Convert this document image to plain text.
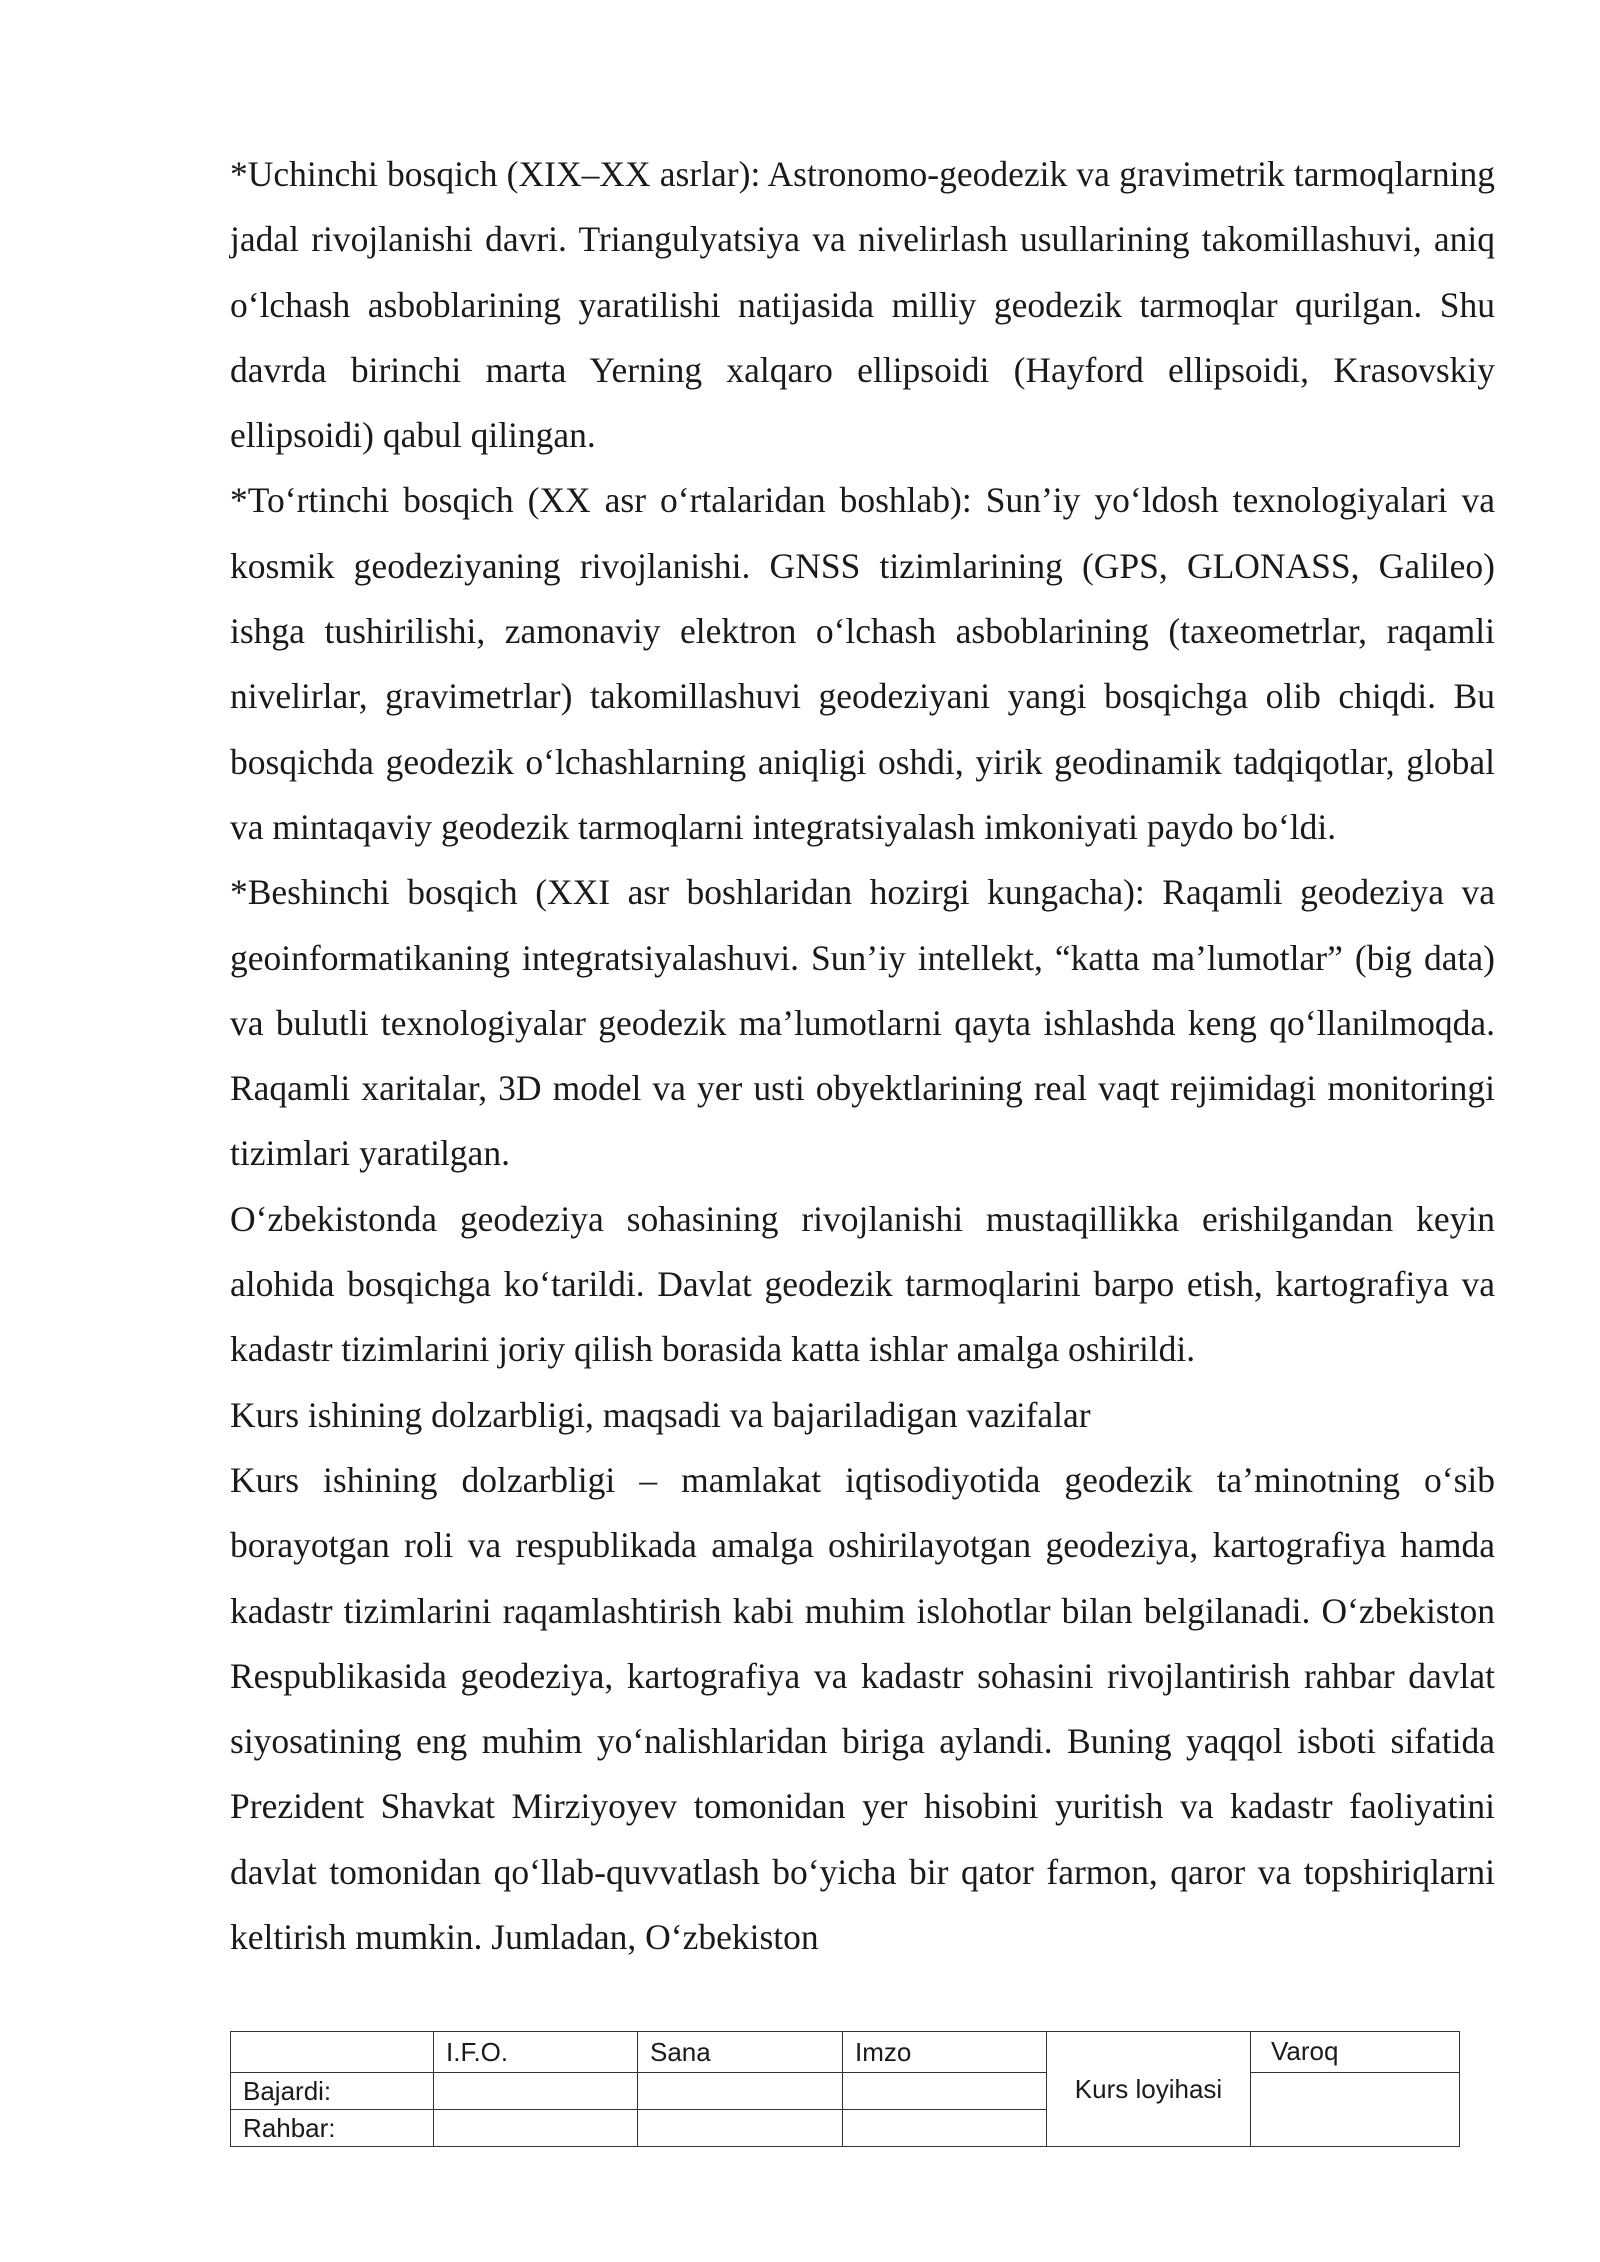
*Uchinchi bosqich (XIX–XX asrlar): Astronomo-geodezik va gravimetrik tarmoqlarning jadal rivojlanishi davri. Triangulyatsiya va nivelirlash usullarining takomillashuvi, aniq o‘lchash asboblarining yaratilishi natijasida milliy geodezik tarmoqlar qurilgan. Shu davrda birinchi marta Yerning xalqaro ellipsoidi (Hayford ellipsoidi, Krasovskiy ellipsoidi) qabul qilingan.

*To‘rtinchi bosqich (XX asr o‘rtalaridan boshlab): Sun’iy yo‘ldosh texnologiyalari va kosmik geodeziyaning rivojlanishi. GNSS tizimlarining (GPS, GLONASS, Galileo) ishga tushirilishi, zamonaviy elektron o‘lchash asboblarining (taxeometrlar, raqamli nivelirlar, gravimetrlar) takomillashuvi geodeziyani yangi bosqichga olib chiqdi. Bu bosqichda geodezik o‘lchashlarning aniqligi oshdi, yirik geodinamik tadqiqotlar, global va mintaqaviy geodezik tarmoqlarni integratsiyalash imkoniyati paydo bo‘ldi.

*Beshinchi bosqich (XXI asr boshlaridan hozirgi kungacha): Raqamli geodeziya va geoinformatikaning integratsiyalashuvi. Sun’iy intellekt, “katta ma’lumotlar” (big data) va bulutli texnologiyalar geodezik ma’lumotlarni qayta ishlashda keng qo‘llanilmoqda. Raqamli xaritalar, 3D model va yer usti obyektlarining real vaqt rejimidagi monitoringi tizimlari yaratilgan.

O‘zbekistonda geodeziya sohasining rivojlanishi mustaqillikka erishilgandan keyin alohida bosqichga ko‘tarildi. Davlat geodezik tarmoqlarini barpo etish, kartografiya va kadastr tizimlarini joriy qilish borasida katta ishlar amalga oshirildi.

Kurs ishining dolzarbligi, maqsadi va bajariladigan vazifalar

Kurs ishining dolzarbligi – mamlakat iqtisodiyotida geodezik ta’minotning o‘sib borayotgan roli va respublikada amalga oshirilayotgan geodeziya, kartografiya hamda kadastr tizimlarini raqamlashtirish kabi muhim islohotlar bilan belgilanadi. O‘zbekiston Respublikasida geodeziya, kartografiya va kadastr sohasini rivojlantirish rahbar davlat siyosatining eng muhim yo‘nalishlaridan biriga aylandi. Buning yaqqol isboti sifatida Prezident Shavkat Mirziyoyev tomonidan yer hisobini yuritish va kadastr faoliyatini davlat tomonidan qo‘llab-quvvatlash bo‘yicha bir qator farmon, qaror va topshiriqlarni keltirish mumkin. Jumladan, O‘zbekiston

	I.F.O.	Sana	Imzo	Kurs loyihasi	Varoq
Bajardi:					
Rahbar:					
